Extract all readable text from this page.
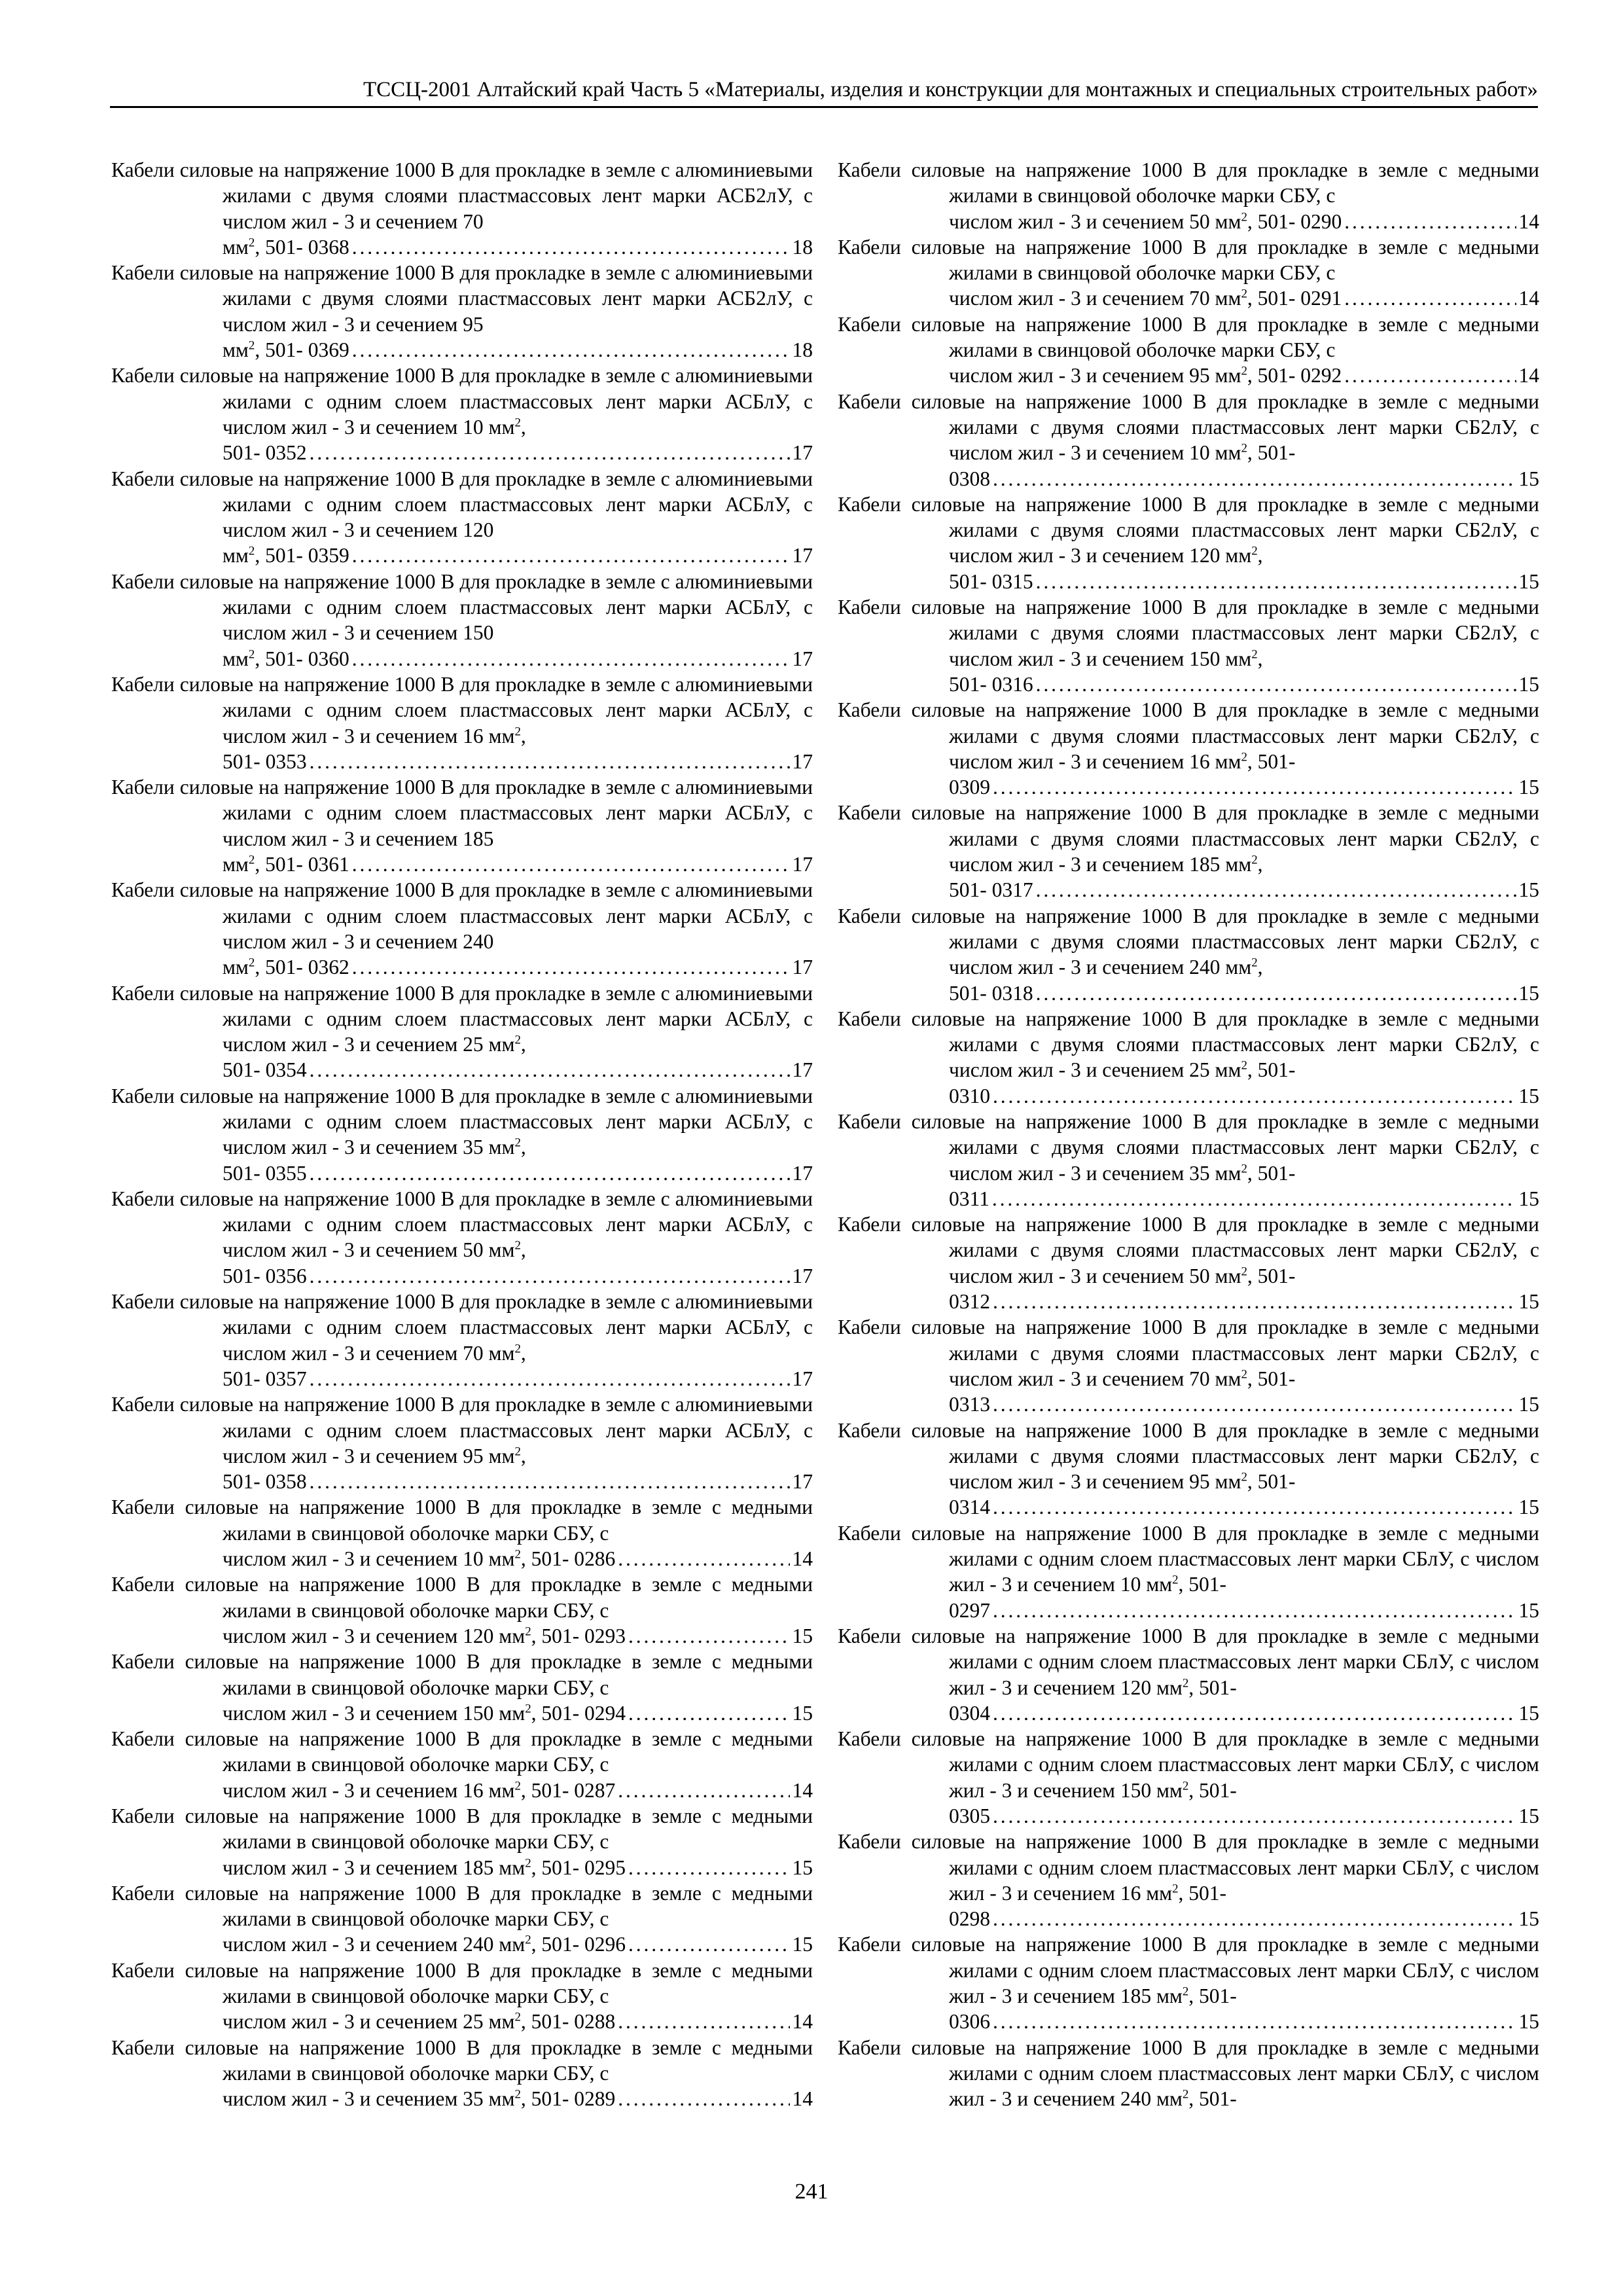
ТССЦ-2001 Алтайский край Часть 5 «Материалы, изделия и конструкции для монтажных и специальных строительных работ»

Кабели силовые на напряжение 1000 В для прокладке в земле с алюминиевыми жилами с двумя слоями пластмассовых лент марки АСБ2лУ, с числом жил - 3 и сечением 70
$мм^2$, 501- 0368 . . .	18

Кабели силовые на напряжение 1000 В для прокладке в земле с алюминиевыми жилами с двумя слоями пластмассовых лент марки АСБ2лУ, с числом жил - 3 и сечением 95
$мм^2$, 501- 0369 . . .	18

Кабели силовые на напряжение 1000 В для прокладке в земле с алюминиевыми жилами с одним слоем пластмассовых лент марки АСБлУ, с числом жил - 3 и сечением 10 $мм^2$,
501- 0352 . . .	17

Кабели силовые на напряжение 1000 В для прокладке в земле с алюминиевыми жилами с одним слоем пластмассовых лент марки АСБлУ, с числом жил - 3 и сечением 120
$мм^2$, 501- 0359 . . .	17

Кабели силовые на напряжение 1000 В для прокладке в земле с алюминиевыми жилами с одним слоем пластмассовых лент марки АСБлУ, с числом жил - 3 и сечением 150
$мм^2$, 501- 0360 . . .	17

Кабели силовые на напряжение 1000 В для прокладке в земле с алюминиевыми жилами с одним слоем пластмассовых лент марки АСБлУ, с числом жил - 3 и сечением 16 $мм^2$,
501- 0353 . . .	17

Кабели силовые на напряжение 1000 В для прокладке в земле с алюминиевыми жилами с одним слоем пластмассовых лент марки АСБлУ, с числом жил - 3 и сечением 185
$мм^2$, 501- 0361 . . .	17

Кабели силовые на напряжение 1000 В для прокладке в земле с алюминиевыми жилами с одним слоем пластмассовых лент марки АСБлУ, с числом жил - 3 и сечением 240
$мм^2$, 501- 0362 . . .	17

Кабели силовые на напряжение 1000 В для прокладке в земле с алюминиевыми жилами с одним слоем пластмассовых лент марки АСБлУ, с числом жил - 3 и сечением 25 $мм^2$,
501- 0354 . . .	17

Кабели силовые на напряжение 1000 В для прокладке в земле с алюминиевыми жилами с одним слоем пластмассовых лент марки АСБлУ, с числом жил - 3 и сечением 35 $мм^2$,
501- 0355 . . .	17

Кабели силовые на напряжение 1000 В для прокладке в земле с алюминиевыми жилами с одним слоем пластмассовых лент марки АСБлУ, с числом жил - 3 и сечением 50 $мм^2$,
501- 0356 . . .	17

Кабели силовые на напряжение 1000 В для прокладке в земле с алюминиевыми жилами с одним слоем пластмассовых лент марки АСБлУ, с числом жил - 3 и сечением 70 $мм^2$,
501- 0357 . . .	17

Кабели силовые на напряжение 1000 В для прокладке в земле с алюминиевыми жилами с одним слоем пластмассовых лент марки АСБлУ, с числом жил - 3 и сечением 95 $мм^2$,
501- 0358 . . .	17

Кабели силовые на напряжение 1000 В для прокладке в земле с медными жилами в свинцовой оболочке марки СБУ, с
числом жил - 3 и сечением 10 $мм^2$, 501- 0286 . . .	14

Кабели силовые на напряжение 1000 В для прокладке в земле с медными жилами в свинцовой оболочке марки СБУ, с
числом жил - 3 и сечением 120 $мм^2$, 501- 0293 . . .	15

Кабели силовые на напряжение 1000 В для прокладке в земле с медными жилами в свинцовой оболочке марки СБУ, с
числом жил - 3 и сечением 150 $мм^2$, 501- 0294 . . .	15

Кабели силовые на напряжение 1000 В для прокладке в земле с медными жилами в свинцовой оболочке марки СБУ, с
числом жил - 3 и сечением 16 $мм^2$, 501- 0287 . . .	14

Кабели силовые на напряжение 1000 В для прокладке в земле с медными жилами в свинцовой оболочке марки СБУ, с
числом жил - 3 и сечением 185 $мм^2$, 501- 0295 . . .	15

Кабели силовые на напряжение 1000 В для прокладке в земле с медными жилами в свинцовой оболочке марки СБУ, с
числом жил - 3 и сечением 240 $мм^2$, 501- 0296 . . .	15

Кабели силовые на напряжение 1000 В для прокладке в земле с медными жилами в свинцовой оболочке марки СБУ, с
числом жил - 3 и сечением 25 $мм^2$, 501- 0288 . . .	14

Кабели силовые на напряжение 1000 В для прокладке в земле с медными жилами в свинцовой оболочке марки СБУ, с
числом жил - 3 и сечением 35 $мм^2$, 501- 0289 . . .	14

Кабели силовые на напряжение 1000 В для прокладке в земле с медными жилами в свинцовой оболочке марки СБУ, с
числом жил - 3 и сечением 50 $мм^2$, 501- 0290 . . .	14

Кабели силовые на напряжение 1000 В для прокладке в земле с медными жилами в свинцовой оболочке марки СБУ, с
числом жил - 3 и сечением 70 $мм^2$, 501- 0291 . . .	14

Кабели силовые на напряжение 1000 В для прокладке в земле с медными жилами в свинцовой оболочке марки СБУ, с
числом жил - 3 и сечением 95 $мм^2$, 501- 0292 . . .	14

Кабели силовые на напряжение 1000 В для прокладке в земле с медными жилами с двумя слоями пластмассовых лент марки СБ2лУ, с числом жил - 3 и сечением 10 $мм^2$, 501-
0308 . . .	15

Кабели силовые на напряжение 1000 В для прокладке в земле с медными жилами с двумя слоями пластмассовых лент марки СБ2лУ, с числом жил - 3 и сечением 120 $мм^2$,
501- 0315 . . .	15

Кабели силовые на напряжение 1000 В для прокладке в земле с медными жилами с двумя слоями пластмассовых лент марки СБ2лУ, с числом жил - 3 и сечением 150 $мм^2$,
501- 0316 . . .	15

Кабели силовые на напряжение 1000 В для прокладке в земле с медными жилами с двумя слоями пластмассовых лент марки СБ2лУ, с числом жил - 3 и сечением 16 $мм^2$, 501-
0309 . . .	15

Кабели силовые на напряжение 1000 В для прокладке в земле с медными жилами с двумя слоями пластмассовых лент марки СБ2лУ, с числом жил - 3 и сечением 185 $мм^2$,
501- 0317 . . .	15

Кабели силовые на напряжение 1000 В для прокладке в земле с медными жилами с двумя слоями пластмассовых лент марки СБ2лУ, с числом жил - 3 и сечением 240 $мм^2$,
501- 0318 . . .	15

Кабели силовые на напряжение 1000 В для прокладке в земле с медными жилами с двумя слоями пластмассовых лент марки СБ2лУ, с числом жил - 3 и сечением 25 $мм^2$, 501-
0310 . . .	15

Кабели силовые на напряжение 1000 В для прокладке в земле с медными жилами с двумя слоями пластмассовых лент марки СБ2лУ, с числом жил - 3 и сечением 35 $мм^2$, 501-
0311 . . .	15

Кабели силовые на напряжение 1000 В для прокладке в земле с медными жилами с двумя слоями пластмассовых лент марки СБ2лУ, с числом жил - 3 и сечением 50 $мм^2$, 501-
0312 . . .	15

Кабели силовые на напряжение 1000 В для прокладке в земле с медными жилами с двумя слоями пластмассовых лент марки СБ2лУ, с числом жил - 3 и сечением 70 $мм^2$, 501-
0313 . . .	15

Кабели силовые на напряжение 1000 В для прокладке в земле с медными жилами с двумя слоями пластмассовых лент марки СБ2лУ, с числом жил - 3 и сечением 95 $мм^2$, 501-
0314 . . .	15

Кабели силовые на напряжение 1000 В для прокладке в земле с медными жилами с одним слоем пластмассовых лент марки СБлУ, с числом жил - 3 и сечением 10 $мм^2$, 501-
0297 . . .	15

Кабели силовые на напряжение 1000 В для прокладке в земле с медными жилами с одним слоем пластмассовых лент марки СБлУ, с числом жил - 3 и сечением 120 $мм^2$, 501-
0304 . . .	15

Кабели силовые на напряжение 1000 В для прокладке в земле с медными жилами с одним слоем пластмассовых лент марки СБлУ, с числом жил - 3 и сечением 150 $мм^2$, 501-
0305 . . .	15

Кабели силовые на напряжение 1000 В для прокладке в земле с медными жилами с одним слоем пластмассовых лент марки СБлУ, с числом жил - 3 и сечением 16 $мм^2$, 501-
0298 . . .	15

Кабели силовые на напряжение 1000 В для прокладке в земле с медными жилами с одним слоем пластмассовых лент марки СБлУ, с числом жил - 3 и сечением 185 $мм^2$, 501-
0306 . . .	15

Кабели силовые на напряжение 1000 В для прокладке в земле с медными жилами с одним слоем пластмассовых лент марки СБлУ, с числом жил - 3 и сечением 240 $мм^2$, 501-

241
